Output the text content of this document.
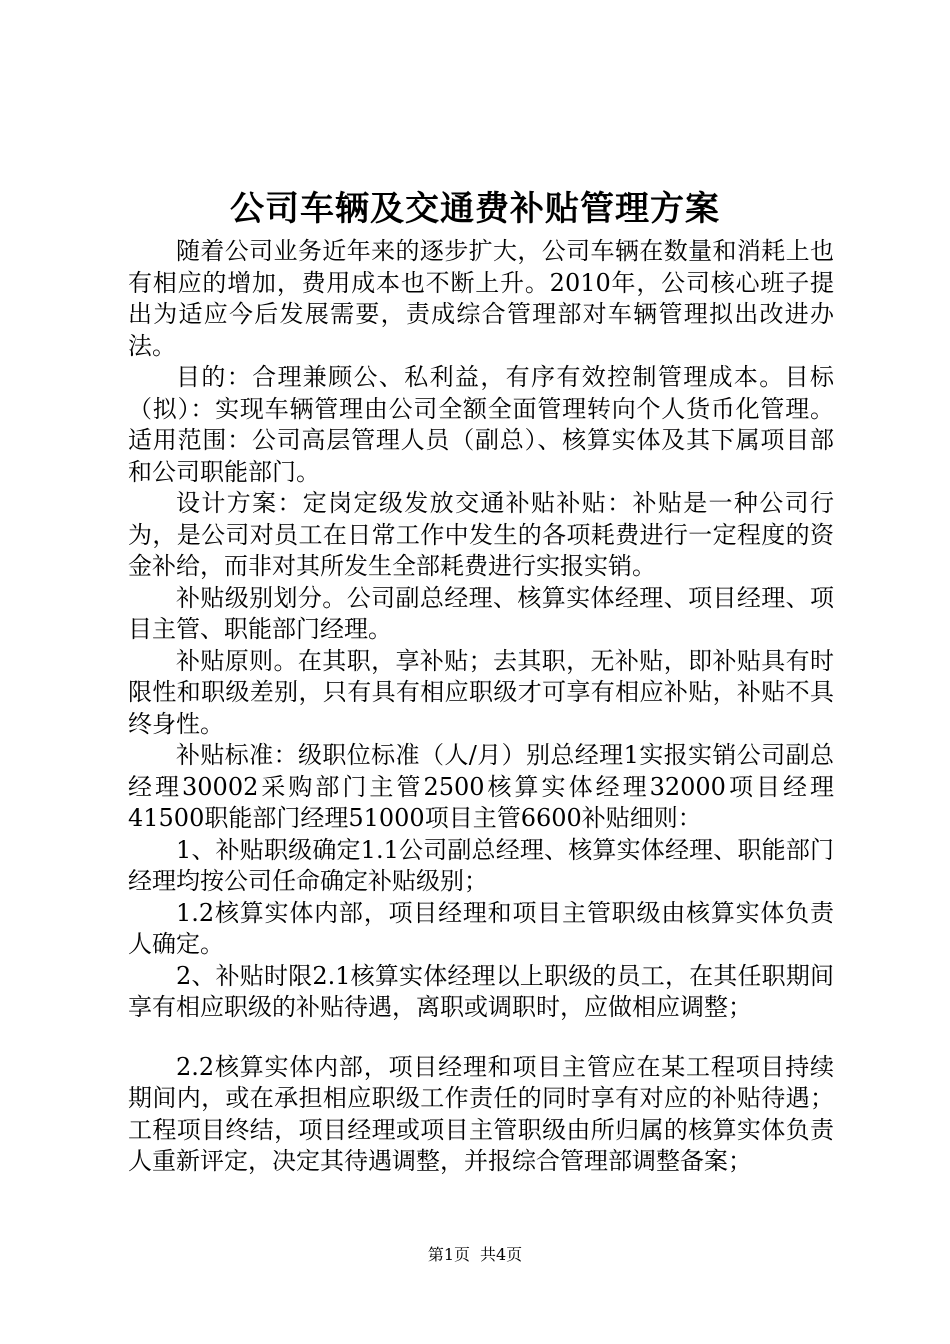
公司车辆及交通费补贴管理方案

随着公司业务近年来的逐步扩大，公司车辆在数量和消耗上也有相应的增加，费用成本也不断上升。2010年，公司核心班子提出为适应今后发展需要，责成综合管理部对车辆管理拟出改进办法。

目的：合理兼顾公、私利益，有序有效控制管理成本。目标（拟）：实现车辆管理由公司全额全面管理转向个人货币化管理。适用范围：公司高层管理人员（副总）、核算实体及其下属项目部和公司职能部门。

设计方案：定岗定级发放交通补贴补贴：补贴是一种公司行为，是公司对员工在日常工作中发生的各项耗费进行一定程度的资金补给，而非对其所发生全部耗费进行实报实销。

补贴级别划分。公司副总经理、核算实体经理、项目经理、项目主管、职能部门经理。

补贴原则。在其职，享补贴；去其职，无补贴，即补贴具有时限性和职级差别，只有具有相应职级才可享有相应补贴，补贴不具终身性。

补贴标准：级职位标准（人/月）别总经理1实报实销公司副总经理30002采购部门主管2500核算实体经理32000项目经理41500职能部门经理51000项目主管6600补贴细则：

1、补贴职级确定1.1公司副总经理、核算实体经理、职能部门经理均按公司任命确定补贴级别；

1.2核算实体内部，项目经理和项目主管职级由核算实体负责人确定。

2、补贴时限2.1核算实体经理以上职级的员工，在其任职期间享有相应职级的补贴待遇，离职或调职时，应做相应调整；

2.2核算实体内部，项目经理和项目主管应在某工程项目持续期间内，或在承担相应职级工作责任的同时享有对应的补贴待遇；工程项目终结，项目经理或项目主管职级由所归属的核算实体负责人重新评定，决定其待遇调整，并报综合管理部调整备案；

第1页 共4页
